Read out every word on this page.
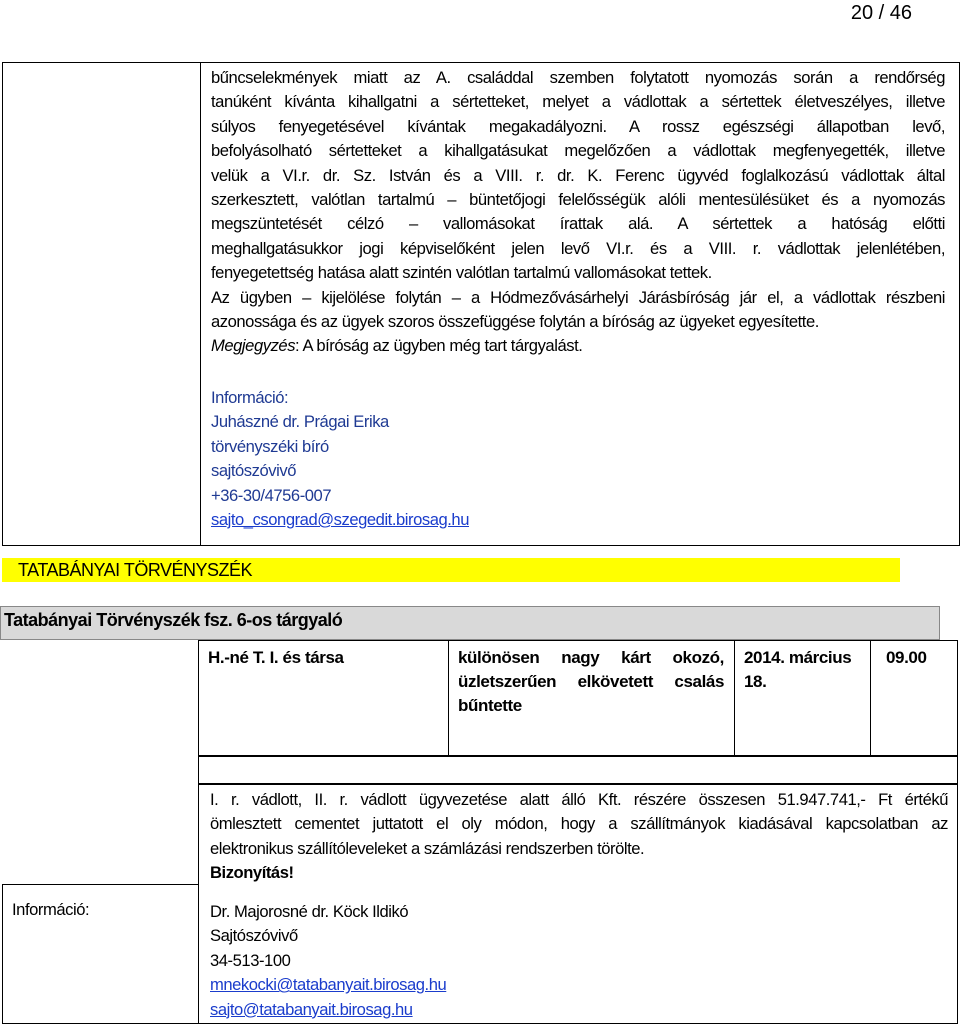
20 / 46
bűncselekmények miatt az A. családdal szemben folytatott nyomozás során a rendőrség
tanúként kívánta kihallgatni a sértetteket, melyet a vádlottak a sértettek életveszélyes, illetve
súlyos fenyegetésével kívántak megakadályozni. A rossz egészségi állapotban levő,
befolyásolható sértetteket a kihallgatásukat megelőzően a vádlottak megfenyegették, illetve
velük a VI.r. dr. Sz. István és a VIII. r. dr. K. Ferenc ügyvéd foglalkozású vádlottak által
szerkesztett, valótlan tartalmú – büntetőjogi felelősségük alóli mentesülésüket és a nyomozás
megszüntetését célzó – vallomásokat írattak alá. A sértettek a hatóság előtti
meghallgatásukkor jogi képviselőként jelen levő VI.r. és a VIII. r. vádlottak jelenlétében,
fenyegetettség hatása alatt szintén valótlan tartalmú vallomásokat tettek.
Az ügyben – kijelölése folytán – a Hódmezővásárhelyi Járásbíróság jár el, a vádlottak részbeni
azonossága és az ügyek szoros összefüggése folytán a bíróság az ügyeket egyesítette.
Megjegyzés: A bíróság az ügyben még tart tárgyalást.
Információ:
Juhászné dr. Prágai Erika
törvényszéki bíró
sajtószóvivő
+36-30/4756-007
sajto_csongrad@szegedit.birosag.hu
TATABÁNYAI TÖRVÉNYSZÉK
Tatabányai Törvényszék fsz. 6-os tárgyaló
H.-né T. I. és társa	különösen nagy kárt okozó, üzletszerűen elkövetett csalás bűntette
2014. március 18.
09.00
I. r. vádlott, II. r. vádlott ügyvezetése alatt álló Kft. részére összesen 51.947.741,- Ft értékű
ömlesztett cementet juttatott el oly módon, hogy a szállítmányok kiadásával kapcsolatban az
elektronikus szállítóleveleket a számlázási rendszerben törölte.
Bizonyítás!
Információ:	Dr. Majorosné dr. Köck Ildikó
Sajtószóvivő
34-513-100
mnekocki@tatabanyait.birosag.hu
sajto@tatabanyait.birosag.hu
